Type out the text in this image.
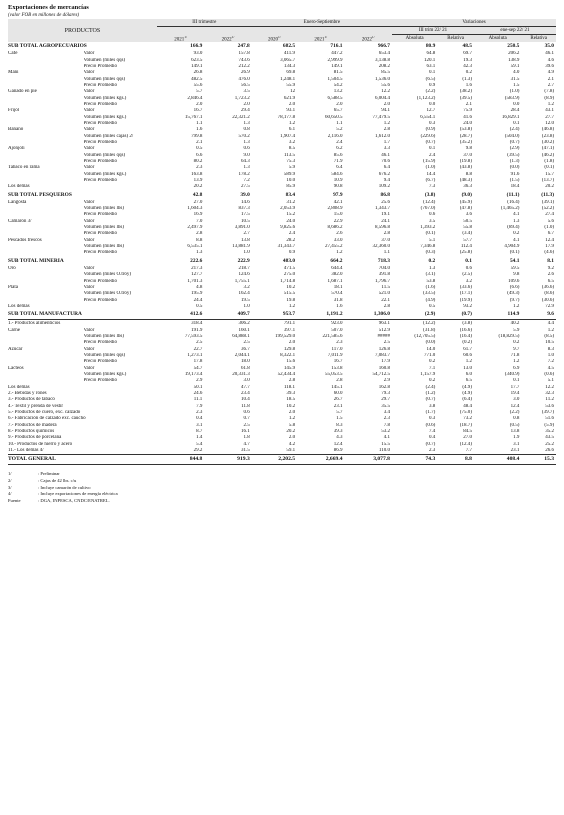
Exportaciones de mercancías
(valor FOB en millones de dólares)
PRODUCTOS		III trimestre		Enero-Septiembre			Variaciones			
							III trim 22/ 21		ene-sep 22/ 21	
		$2021^{1/}$	$2022^{1/}$	$2020^{1/}$	$2021^{1/}$	$2022^{1/}$	Absoluta	Relativa	Absoluta	Relativa
SUB TOTAL AGROPECUARIOS		166.9	247.8	682.5	716.1	966.7	80.9	48.5	250.5	35.0
Café	Valor	93.0	157.8	411.9	447.2	653.4	64.8	69.7	206.2	46.1
	Volumen (miles qqs)	623.5	743.6	3,065.7	2,999.9	3,138.8	120.1	19.3	138.9	4.6
	Precio Promedio	149.1	212.2	134.3	149.1	208.2	63.1	42.3	59.1	39.6
Maní	Valor	26.8	26.9	69.8	81.5	85.5	0.1	0.2	4.0	4.9
	Volumen (miles qqs)	482.5	476.0	1,248.1	1,504.5	1,536.0	(6.5)	(1.3)	31.5	2.1
	Precio Promedio	55.6	56.5	55.9	54.2	55.6	0.9	1.6	1.5	2.7
Ganado en pie	Valor	5.7	3.5	12	13.2	12.2	(2.2)	(38.2)	(1.0)	(7.8)
	Volumen (miles kgs.)	2,846.4	1,723.2	621.9	6,588.5	6,004.4	(1,123.2)	(39.5)	(583.9)	(8.9)
	Precio Promedio	2.0	2.0	2.0	2.0	2.0	0.0	2.1	0.0	1.2
Frijol	Valor	16.7	29.4	93.1	65.7	94.1	12.7	75.9	28.4	43.1
	Volumen (miles kgs.)	15,767.1	22,321.2	78,177.8	60,650.5	77,479.5	6,554.1	41.6	16,829.1	27.7
	Precio Promedio	1.1	1.3	1.2	1.1	1.2	0.3	24.0	0.1	12.0
Banano	Valor	1.6	0.8	6.1	5.2	2.8	(0.9)	(53.8)	(2.4)	(46.8)
	Volumen (miles cajas) 2/	799.8	570.2	1,907.4	2,116.0	1,612.0	(229.6)	(28.7)	(504.0)	(23.8)
	Precio Promedio	2.1	1.3	3.2	2.4	1.7	(0.7)	(35.2)	(0.7)	(30.2)
Ajonjolí	Valor	0.5	0.6	8.5	6.2	3.3	0.1	9.8	(2.9)	(47.1)
	Volumen (miles qqs)	6.6	9.0	113.5	85.6	46.1	2.4	37.0	(39.5)	(46.2)
	Precio Promedio	80.2	64.3	75.3	71.9	70.6	(15.9)	(19.8)	(1.3)	(1.8)
Tabaco en rama	Valor	2.3	1.3	5.9	6.4	6.4	(1.0)	(43.8)	(0.0)	(0.1)
	Volumen (miles kgs.)	163.8	178.2	589.9	584.6	676.2	14.4	8.8	91.6	15.7
	Precio Promedio	13.9	7.2	10.0	10.9	9.4	(6.7)	(48.3)	(1.5)	(13.7)
Los demás		20.2	27.5	85.9	90.8	109.2	7.3	36.3	18.4	20.2
SUB TOTAL PESQUEROS		42.8	39.0	83.4	97.9	86.8	(3.8)	(9.0)	(11.1)	(11.3)
Langosta	Valor	27.0	14.6	31.2	42.1	25.6	(12.4)	(45.9)	(16.4)	(39.1)
	Volumen (miles lbs)	1,604.3	837.3	2,053.9	2,808.9	1,343.7	(767.0)	(47.8)	(1,465.2)	(52.2)
	Precio Promedio	16.9	17.5	15.2	15.0	19.1	0.6	3.6	4.1	27.4
Camarón 3/	Valor	7.0	10.5	24.0	22.9	24.1	3.5	50.5	1.3	5.6
	Volumen (miles lbs)	2,497.9	3,891.0	9,825.6	8,686.2	8,596.8	1,393.2	55.8	(89.4)	(1.0)
	Precio Promedio	2.8	2.7	2.4	2.6	2.8	(0.1)	(3.4)	0.2	6.7
Pescados frescos	Valor	8.8	13.8	28.2	33.0	37.0	5.1	57.7	4.1	12.4
	Volumen (miles lbs)	6,535.1	13,881.9	31,343.7	27,455.2	32,360.0	7,346.8	112.4	4,904.9	17.9
	Precio Promedio	1.3	1.0	0.9	1.2	1.1	(0.3)	(25.8)	(0.1)	(4.6)
SUB TOTAL MINERIA		222.6	222.9	483.0	664.2	718.3	0.2	0.1	54.1	8.1
Oro	Valor	217.3	218.7	471.5	644.4	704.0	1.3	0.6	59.5	9.2
	Volumen (miles O.troy)	127.7	124.6	275.0	382.0	391.8	(3.1)	(2.5)	9.8	2.6
	Precio Promedio	1,701.3	1,755.1	1,714.8	1,687.1	1,796.7	53.8	3.2	109.6	6.5
Plata	Valor	4.8	3.2	10.2	18.1	11.5	(1.6)	(33.6)	(6.6)	(36.6)
	Volumen (miles O.troy)	195.9	162.4	515.5	570.4	521.0	(33.5)	(17.1)	(49.3)	(8.6)
	Precio Promedio	24.4	19.5	19.8	31.8	22.1	(4.9)	(19.9)	(9.7)	(30.6)
Los demás		0.5	1.0	1.2	1.6	2.8	0.5	93.2	1.2	72.9
SUB TOTAL MANUFACTURA		412.6	409.7	953.7	1,191.2	1,306.0	(2.9)	(0.7)	114.9	9.6

1.- Productos alimenticios		318.4	306.2	791.1	923.0	963.1	(12.2)	(3.8)	40.2	4.4
Carne	Valor	191.9	160.1	397.1	507.0	512.9	(31.8)	(16.6)	5.9	1.2
	Volumen (miles lbs)	77,593.5	64,888.1	199,529.0	221,585.6	#####	(12,705.5)	(16.4)	(18,829.5)	(8.5)
	Precio Promedio	2.5	2.5	2.0	2.3	2.5	(0.0)	(0.2)	0.2	10.5
Azúcar	Valor	22.7	36.7	129.8	117.0	126.8	14.0	61.7	9.7	8.3
	Volumen (miles qqs)	1,273.1	2,044.1	8,322.1	7,011.9	7,083.7	771.0	60.6	71.8	1.0
	Precio Promedio	17.8	18.0	15.6	16.7	17.9	0.2	1.2	1.2	7.2
Lácteos	Valor	54.7	61.8	145.9	153.8	160.8	7.1	13.0	6.9	4.5
	Volumen (miles kgs.)	19,173.4	20,331.3	52,434.4	55,053.5	54,712.5	1,157.9	6.0	(340.9)	(0.6)
	Precio Promedio	2.9	3.0	2.8	2.8	2.9	0.2	6.5	0.1	5.1
Los demás		50.1	47.7	118.1	145.1	162.8	(2.4)	(4.9)	17.7	12.2
2.- Bebidas y rones		24.6	23.4	39.3	60.0	79.3	(1.2)	(4.9)	19.4	32.3
3.- Productos de tabaco		11.1	10.4	18.5	26.7	29.7	(0.7)	(6.4)	3.0	11.2
4.- Textil y prenda de vestir		7.9	11.8	10.2	23.1	35.5	3.8	48.4	12.4	53.6
5.- Productos de cuero, exc. calzado		2.3	0.6	2.0	5.7	3.4	(1.7)	(75.0)	(2.2)	(39.7)
6.- Fabricación de calzado exc. caucho		0.4	0.7	1.2	1.5	2.3	0.3	73.2	0.8	51.6
7.- Productos de madera		3.1	2.5	5.8	8.3	7.8	(0.6)	(18.7)	(0.5)	(5.9)
8.- Productos químicos		8.7	16.1	20.2	39.3	53.2	7.4	84.5	13.8	35.2
9.- Productos de porcelana		1.4	1.8	2.0	4.3	4.1	0.4	27.0	1.9	43.5
10.- Productos de hierro y acero		5.4	4.7	4.2	12.4	15.5	(0.7)	(12.4)	3.1	25.2
11.- Los demás 4/		29.2	31.5	59.1	86.9	110.0	2.3	7.7	23.1	26.6
TOTAL GENERAL		844.8	919.3	2,202.5	2,669.4	3,077.8	74.3	8.8	408.4	15.3
1/	: Preliminar
2/	: Cajas de 42 lbs. c/u
3/	: Incluye camarón de cultivo
4/	: Incluye exportaciones de energía eléctrica
Fuente	: DGA, INPESCA, CNDC/ENATREL.
